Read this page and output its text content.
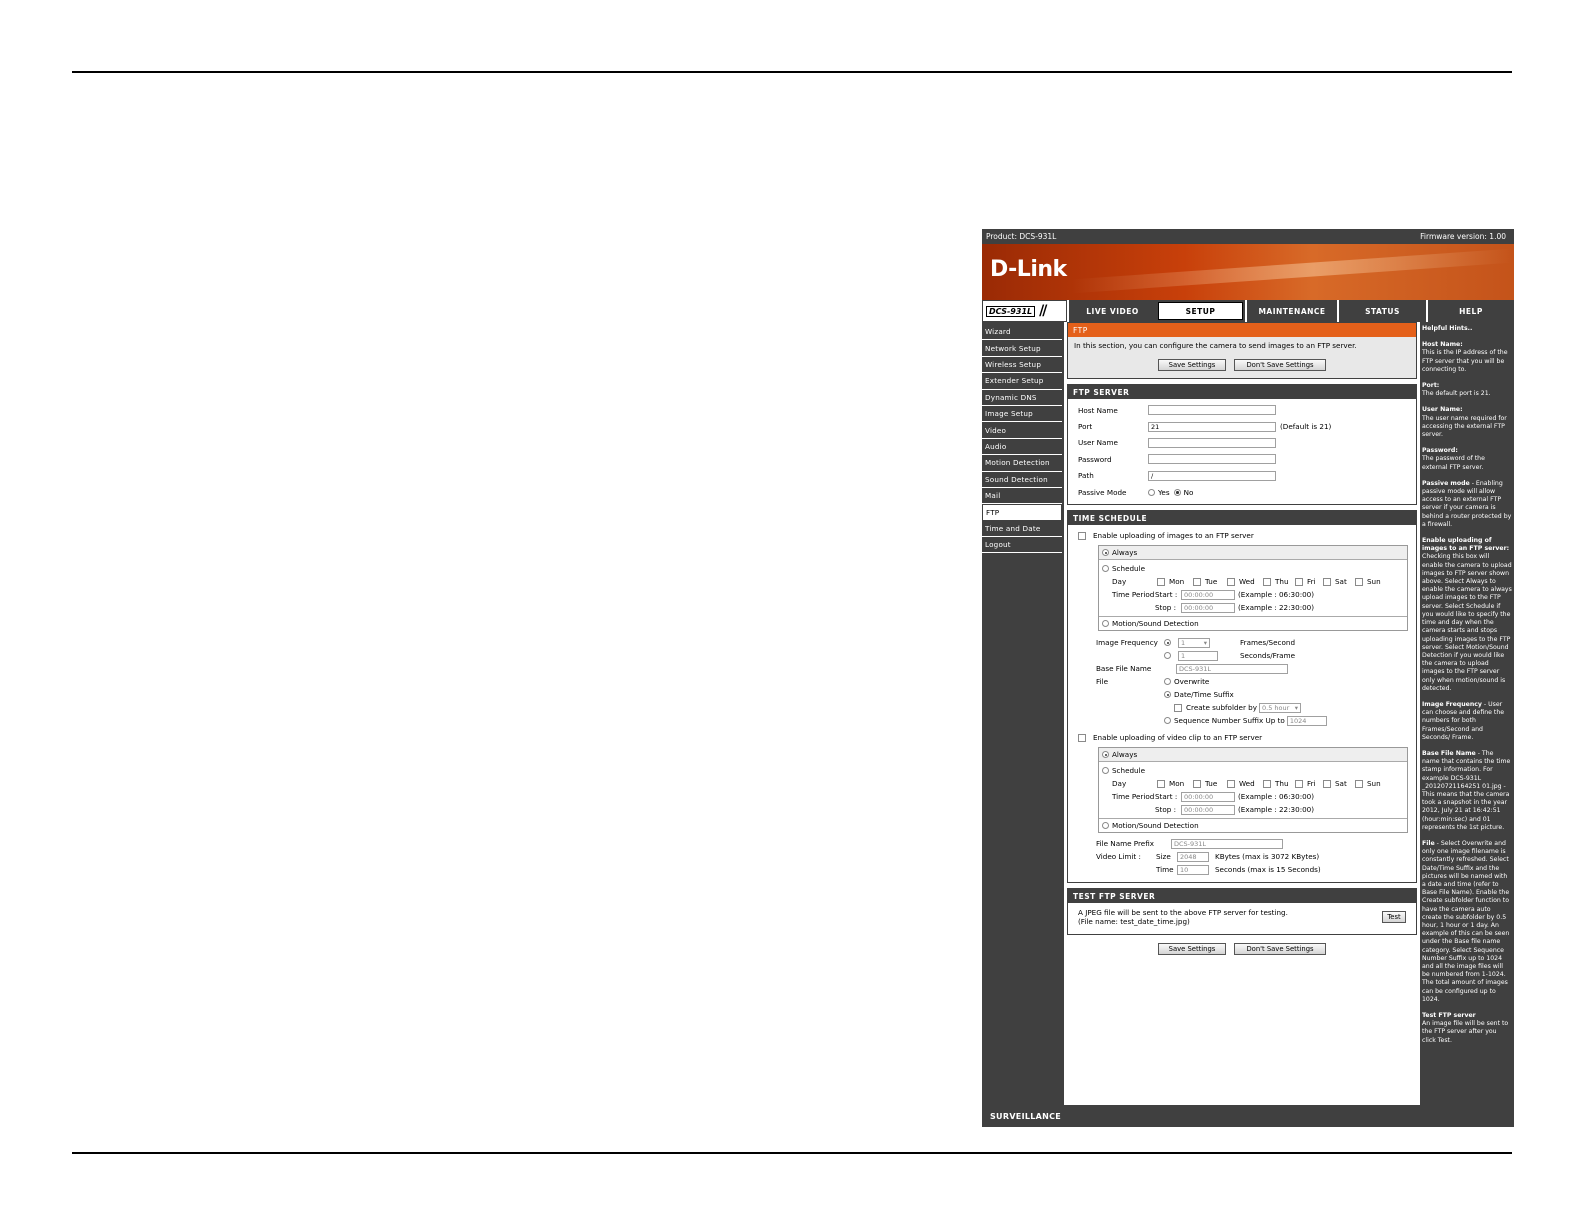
Product: DCS-931L	Firmware version: 1.00
D-Link
DCS-931L //	LIVE VIDEO	SETUP	MAINTENANCE	STATUS	HELP
Wizard
Network Setup
Wireless Setup
Extender Setup
Dynamic DNS
Image Setup
Video
Audio
Motion Detection
Sound Detection
Mail
FTP
Time and Date
Logout
FTP
In this section, you can configure the camera to send images to an FTP server.
Save Settings	Don't Save Settings
FTP SERVER
Host Name
Port	21	(Default is 21)
User Name
Password
Path	/
Passive Mode	Yes No
TIME SCHEDULE
Enable uploading of images to an FTP server
Always
Schedule
Day	Mon	Tue	Wed	Thu	Fri	Sat	Sun
Time Period Start :	00:00:00	(Example : 06:30:00)
Stop :	00:00:00	(Example : 22:30:00)
Motion/Sound Detection
Image Frequency	1	▾	Frames/Second
1	Seconds/Frame
Base File Name	DCS-931L
File	Overwrite
Date/Time Suffix
Create subfolder by 0.5 hour ▾
Sequence Number Suffix Up to 1024
Enable uploading of video clip to an FTP server
Always
Schedule
Day	Mon	Tue	Wed	Thu	Fri	Sat	Sun
Time Period Start :	00:00:00	(Example : 06:30:00)
Stop :	00:00:00	(Example : 22:30:00)
Motion/Sound Detection
File Name Prefix	DCS-931L
Video Limit :	Size	2048	KBytes (max is 3072 KBytes)
Time 10	Seconds (max is 15 Seconds)
TEST FTP SERVER
A JPEG file will be sent to the above FTP server for testing.
(File name: test_date_time.jpg)	Test
Save Settings	Don't Save Settings

Helpful Hints..

Host Name:
This is the IP address of the FTP server that you will be connecting to.

Port:
The default port is 21.

User Name:
The user name required for accessing the external FTP server.

Password:
The password of the external FTP server.

Passive mode - Enabling passive mode will allow access to an external FTP server if your camera is behind a router protected by a firewall.

Enable uploading of images to an FTP server: Checking this box will enable the camera to upload images to FTP server shown above. Select Always to enable the camera to always upload images to the FTP server. Select Schedule if you would like to specify the time and day when the camera starts and stops uploading images to the FTP server. Select Motion/Sound Detection if you would like the camera to upload images to the FTP server only when motion/sound is detected.

Image Frequency - User can choose and define the numbers for both Frames/Second and Seconds/ Frame.

Base File Name - The name that contains the time stamp information. For example DCS-931L _20120721164251 01.jpg - This means that the camera took a snapshot in the year 2012, July 21 at 16:42:51 (hour:min:sec) and 01 represents the 1st picture.

File - Select Overwrite and only one image filename is constantly refreshed. Select Date/Time Suffix and the pictures will be named with a date and time (refer to Base File Name). Enable the Create subfolder function to have the camera auto create the subfolder by 0.5 hour, 1 hour or 1 day. An example of this can be seen under the Base file name category. Select Sequence Number Suffix up to 1024 and all the image files will be numbered from 1-1024. The total amount of images can be configured up to 1024.

Test FTP server
An image file will be sent to the FTP server after you click Test.

SURVEILLANCE
